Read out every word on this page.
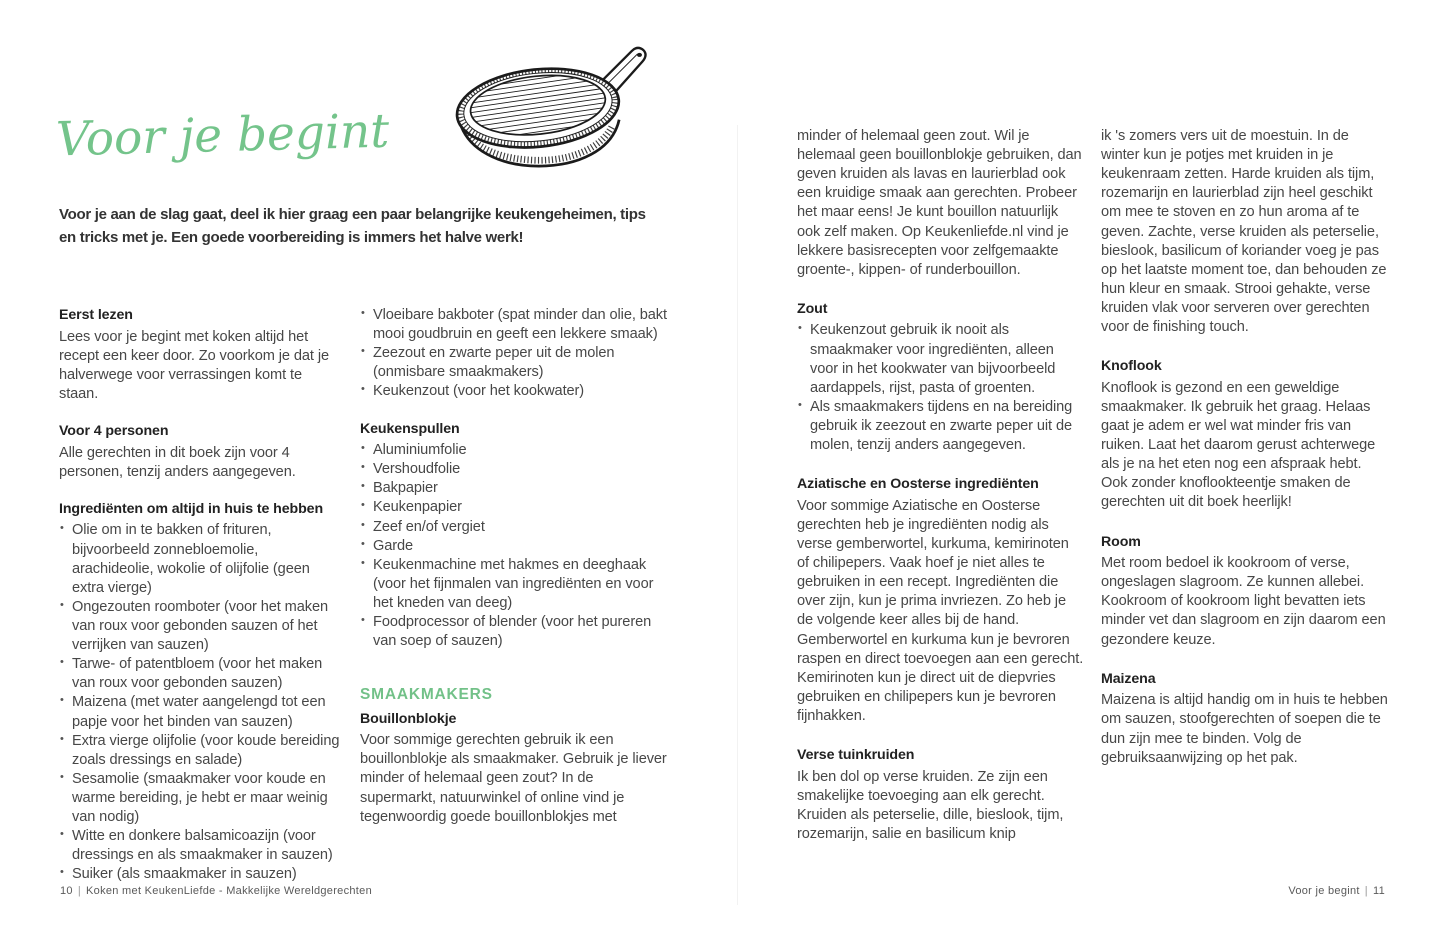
Voor je begint

Voor je aan de slag gaat, deel ik hier graag een paar belangrijke keukengeheimen, tips en tricks met je. Een goede voorbereiding is immers het halve werk!

Eerst lezen

Lees voor je begint met koken altijd het recept een keer door. Zo voorkom je dat je halverwege voor verrassingen komt te staan.

Voor 4 personen

Alle gerechten in dit boek zijn voor 4 personen, tenzij anders aangegeven.

Ingrediënten om altijd in huis te hebben
• Olie om in te bakken of frituren, bijvoorbeeld zonnebloemolie, arachideolie, wokolie of olijfolie (geen extra vierge)
• Ongezouten roomboter (voor het maken van roux voor gebonden sauzen of het verrijken van sauzen)
• Tarwe- of patentbloem (voor het maken van roux voor gebonden sauzen)
• Maizena (met water aangelengd tot een papje voor het binden van sauzen)
• Extra vierge olijfolie (voor koude bereiding zoals dressings en salade)
• Sesamolie (smaakmaker voor koude en warme bereiding, je hebt er maar weinig van nodig)
• Witte en donkere balsamicoazijn (voor dressings en als smaakmaker in sauzen)
• Suiker (als smaakmaker in sauzen)
• Vloeibare bakboter (spat minder dan olie, bakt mooi goudbruin en geeft een lekkere smaak)
• Zeezout en zwarte peper uit de molen (onmisbare smaakmakers)
• Keukenzout (voor het kookwater)
Keukenspullen
• Aluminiumfolie
• Vershoudfolie
• Bakpapier
• Keukenpapier
• Zeef en/of vergiet
• Garde
• Keukenmachine met hakmes en deeghaak (voor het fijnmalen van ingrediënten en voor het kneden van deeg)
• Foodprocessor of blender (voor het pureren van soep of sauzen)
SMAAKMAKERS
Bouillonblokje

Voor sommige gerechten gebruik ik een bouillonblokje als smaakmaker. Gebruik je liever minder of helemaal geen zout? In de supermarkt, natuurwinkel of online vind je tegenwoordig goede bouillonblokjes met

10 | Koken met KeukenLiefde - Makkelijke Wereldgerechten

minder of helemaal geen zout. Wil je helemaal geen bouillonblokje gebruiken, dan geven kruiden als lavas en laurierblad ook een kruidige smaak aan gerechten. Probeer het maar eens! Je kunt bouillon natuurlijk ook zelf maken. Op Keukenliefde.nl vind je lekkere basisrecepten voor zelfgemaakte groente-, kippen- of runderbouillon.

Zout
• Keukenzout gebruik ik nooit als smaakmaker voor ingrediënten, alleen voor in het kookwater van bijvoorbeeld aardappels, rijst, pasta of groenten.
• Als smaakmakers tijdens en na bereiding gebruik ik zeezout en zwarte peper uit de molen, tenzij anders aangegeven.
Aziatische en Oosterse ingrediënten

Voor sommige Aziatische en Oosterse gerechten heb je ingrediënten nodig als verse gemberwortel, kurkuma, kemirinoten of chilipepers. Vaak hoef je niet alles te gebruiken in een recept. Ingrediënten die over zijn, kun je prima invriezen. Zo heb je de volgende keer alles bij de hand. Gemberwortel en kurkuma kun je bevroren raspen en direct toevoegen aan een gerecht. Kemirinoten kun je direct uit de diepvries gebruiken en chilipepers kun je bevroren fijnhakken.

Verse tuinkruiden

Ik ben dol op verse kruiden. Ze zijn een smakelijke toevoeging aan elk gerecht. Kruiden als peterselie, dille, bieslook, tijm, rozemarijn, salie en basilicum knip

ik 's zomers vers uit de moestuin. In de winter kun je potjes met kruiden in je keukenraam zetten. Harde kruiden als tijm, rozemarijn en laurierblad zijn heel geschikt om mee te stoven en zo hun aroma af te geven. Zachte, verse kruiden als peterselie, bieslook, basilicum of koriander voeg je pas op het laatste moment toe, dan behouden ze hun kleur en smaak. Strooi gehakte, verse kruiden vlak voor serveren over gerechten voor de finishing touch.

Knoflook

Knoflook is gezond en een geweldige smaakmaker. Ik gebruik het graag. Helaas gaat je adem er wel wat minder fris van ruiken. Laat het daarom gerust achterwege als je na het eten nog een afspraak hebt. Ook zonder knoflookteentje smaken de gerechten uit dit boek heerlijk!

Room

Met room bedoel ik kookroom of verse, ongeslagen slagroom. Ze kunnen allebei. Kookroom of kookroom light bevatten iets minder vet dan slagroom en zijn daarom een gezondere keuze.

Maizena

Maizena is altijd handig om in huis te hebben om sauzen, stoofgerechten of soepen die te dun zijn mee te binden. Volg de gebruiksaanwijzing op het pak.

Voor je begint | 11
